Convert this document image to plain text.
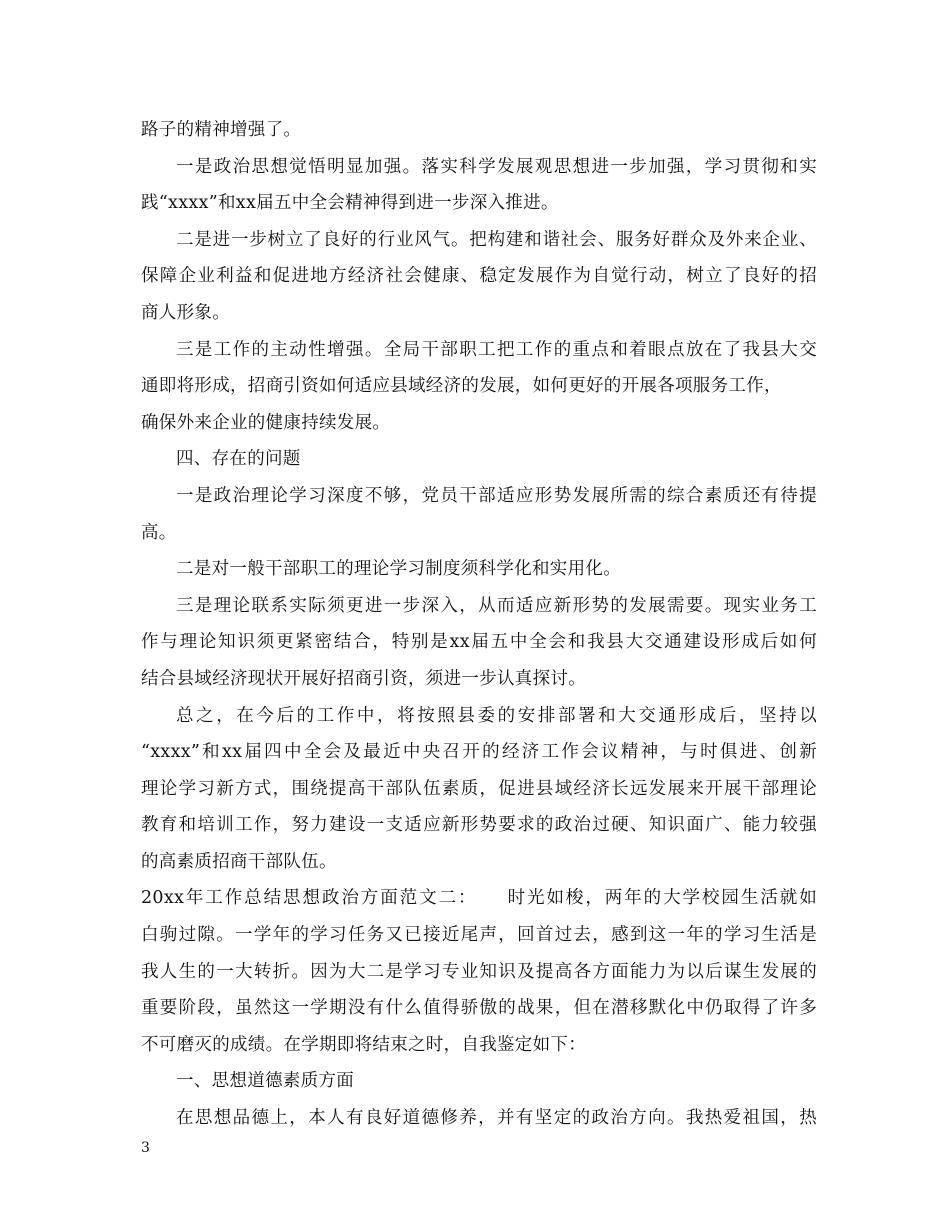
路子的精神增强了。
一是政治思想觉悟明显加强。落实科学发展观思想进一步加强，学习贯彻和实
践“xxxx”和xx届五中全会精神得到进一步深入推进。
二是进一步树立了良好的行业风气。把构建和谐社会、服务好群众及外来企业、
保障企业利益和促进地方经济社会健康、稳定发展作为自觉行动，树立了良好的招
商人形象。
三是工作的主动性增强。全局干部职工把工作的重点和着眼点放在了我县大交
通即将形成，招商引资如何适应县域经济的发展，如何更好的开展各项服务工作，
确保外来企业的健康持续发展。
四、存在的问题
一是政治理论学习深度不够，党员干部适应形势发展所需的综合素质还有待提
高。
二是对一般干部职工的理论学习制度须科学化和实用化。
三是理论联系实际须更进一步深入，从而适应新形势的发展需要。现实业务工
作与理论知识须更紧密结合，特别是xx届五中全会和我县大交通建设形成后如何
结合县域经济现状开展好招商引资，须进一步认真探讨。
总之，在今后的工作中，将按照县委的安排部署和大交通形成后，坚持以
“xxxx”和xx届四中全会及最近中央召开的经济工作会议精神，与时俱进、创新
理论学习新方式，围绕提高干部队伍素质，促进县域经济长远发展来开展干部理论
教育和培训工作，努力建设一支适应新形势要求的政治过硬、知识面广、能力较强
的高素质招商干部队伍。
20xx年工作总结思想政治方面范文二：　　时光如梭，两年的大学校园生活就如
白驹过隙。一学年的学习任务又已接近尾声，回首过去，感到这一年的学习生活是
我人生的一大转折。因为大二是学习专业知识及提高各方面能力为以后谋生发展的
重要阶段，虽然这一学期没有什么值得骄傲的战果，但在潜移默化中仍取得了许多
不可磨灭的成绩。在学期即将结束之时，自我鉴定如下：
一、思想道德素质方面
在思想品德上，本人有良好道德修养，并有坚定的政治方向。我热爱祖国，热
3
